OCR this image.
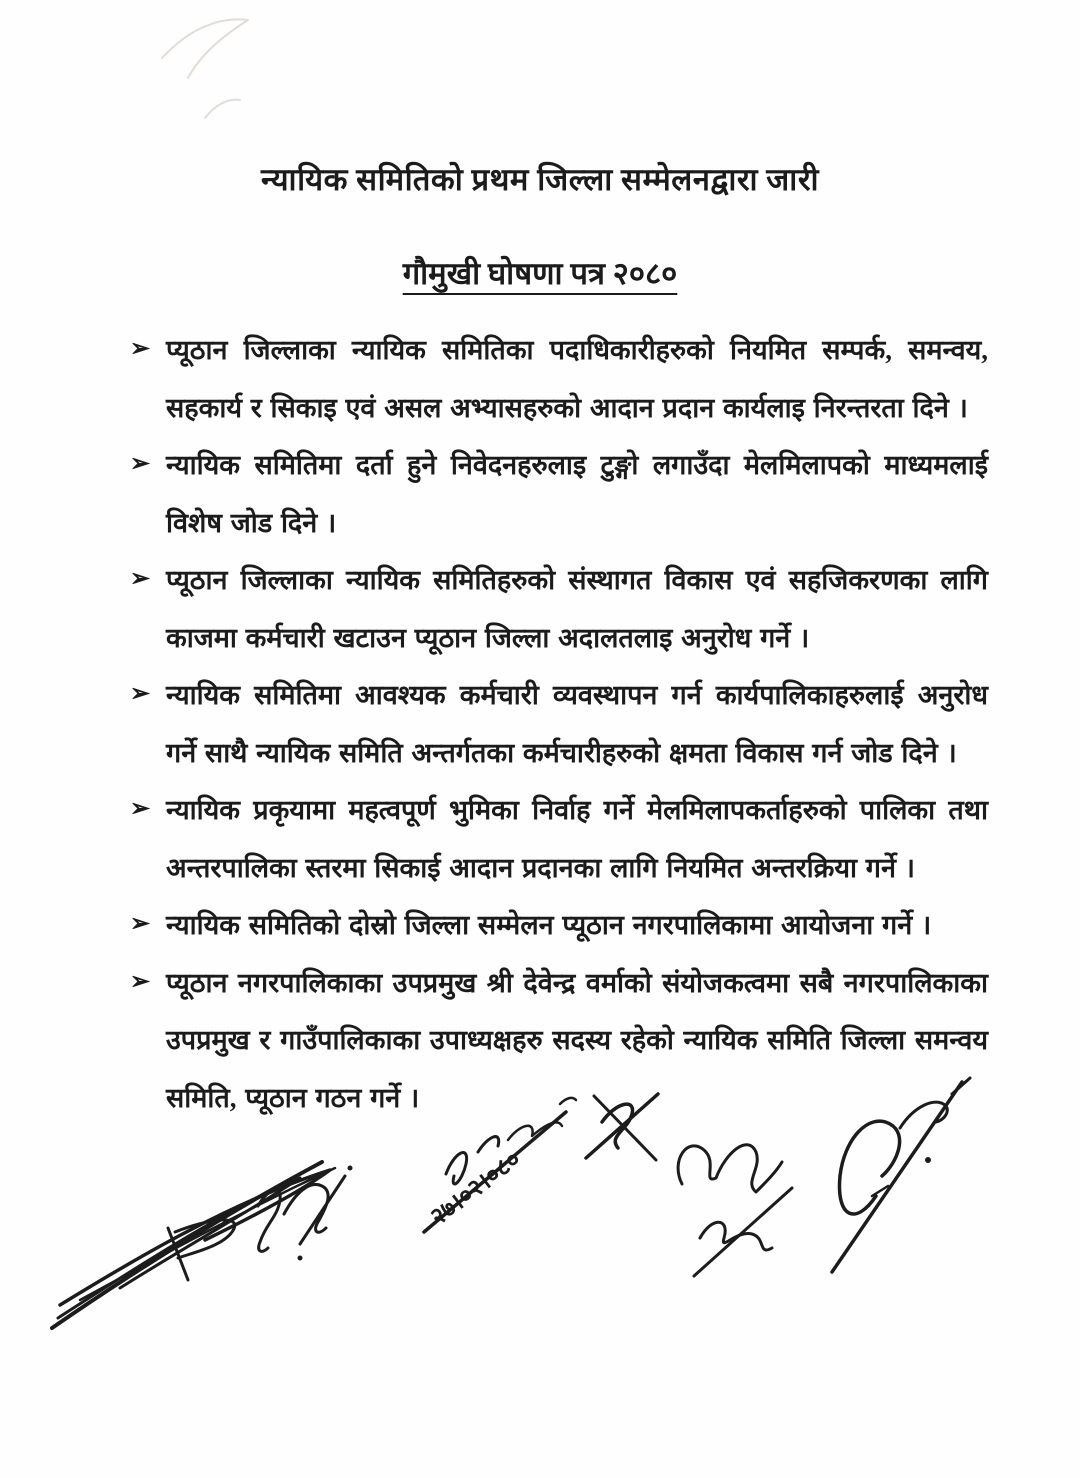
न्यायिक समितिको प्रथम जिल्ला सम्मेलनद्वारा जारी
गौमुखी घोषणा पत्र २०८०
➢ प्यूठान जिल्लाका न्यायिक समितिका पदाधिकारीहरुको नियमित सम्पर्क, समन्वय, सहकार्य र सिकाइ एवं असल अभ्यासहरुको आदान प्रदान कार्यलाइ निरन्तरता दिने ।

➢ न्यायिक समितिमा दर्ता हुने निवेदनहरुलाइ टुङ्गो लगाउँदा मेलमिलापको माध्यमलाई विशेष जोड दिने ।

➢ प्यूठान जिल्लाका न्यायिक समितिहरुको संस्थागत विकास एवं सहजिकरणका लागि काजमा कर्मचारी खटाउन प्यूठान जिल्ला अदालतलाइ अनुरोध गर्ने ।

➢ न्यायिक समितिमा आवश्यक कर्मचारी व्यवस्थापन गर्न कार्यपालिकाहरुलाई अनुरोध गर्ने साथै न्यायिक समिति अन्तर्गतका कर्मचारीहरुको क्षमता विकास गर्न जोड दिने ।

➢ न्यायिक प्रकृयामा महत्वपूर्ण भुमिका निर्वाह गर्ने मेलमिलापकर्ताहरुको पालिका तथा अन्तरपालिका स्तरमा सिकाई आदान प्रदानका लागि नियमित अन्तरक्रिया गर्ने ।

➢ न्यायिक समितिको दोस्रो जिल्ला सम्मेलन प्यूठान नगरपालिकामा आयोजना गर्ने ।

➢ प्यूठान नगरपालिकाका उपप्रमुख श्री देवेन्द्र वर्माको संयोजकत्वमा सबै नगरपालिकाका उपप्रमुख र गाउँपालिकाका उपाध्यक्षहरु सदस्य रहेको न्यायिक समिति जिल्ला समन्वय समिति, प्यूठान गठन गर्ने ।

२७।०२।०८०
